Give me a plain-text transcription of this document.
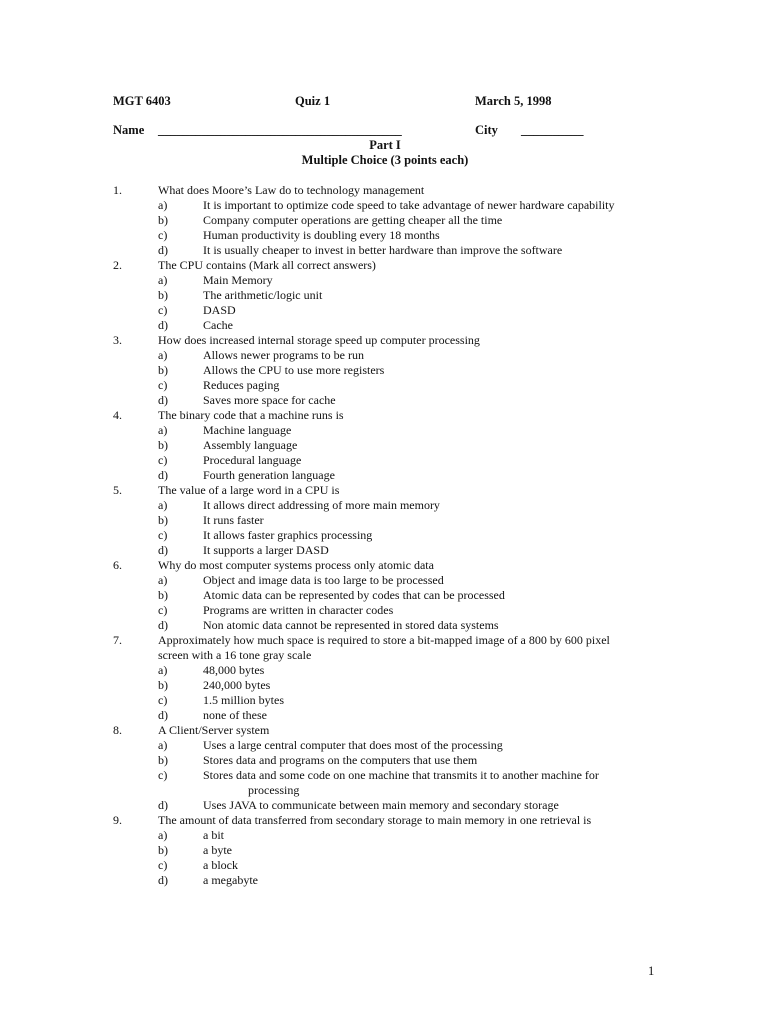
MGT 6403	Quiz 1	March 5, 1998
Name _______________________________________	City __________
Part I
Multiple Choice (3 points each)
1.	What does Moore’s Law do to technology management
a)	It is important to optimize code speed to take advantage of newer hardware capability
b)	Company computer operations are getting cheaper all the time
c)	Human productivity is doubling every 18 months
d)	It is usually cheaper to invest in better hardware than improve the software
2.	The CPU contains (Mark all correct answers)
a)	Main Memory
b)	The arithmetic/logic unit
c)	DASD
d)	Cache
3.	How does increased internal storage speed up computer processing
a)	Allows newer programs to be run
b)	Allows the CPU to use more registers
c)	Reduces paging
d)	Saves more space for cache
4.	The binary code that a machine runs is
a)	Machine language
b)	Assembly language
c)	Procedural language
d)	Fourth generation language
5.	The value of a large word in a CPU is
a)	It allows direct addressing of more main memory
b)	It runs faster
c)	It allows faster graphics processing
d)	It supports a larger DASD
6.	Why do most computer systems process only atomic data
a)	Object and image data is too large to be processed
b)	Atomic data can be represented by codes that can be processed
c)	Programs are written in character codes
d)	Non atomic data cannot be represented in stored data systems
7.	Approximately how much space is required to store a bit-mapped image of a 800 by 600 pixel
screen with a 16 tone gray scale
a)	48,000 bytes
b)	240,000 bytes
c)	1.5 million bytes
d)	none of these
8.	A Client/Server system
a)	Uses a large central computer that does most of the processing
b)	Stores data and programs on the computers that use them
c)	Stores data and some code on one machine that transmits it to another machine for
processing
d)	Uses JAVA to communicate between main memory and secondary storage
9.	The amount of data transferred from secondary storage to main memory in one retrieval is
a)	a bit
b)	a byte
c)	a block
d)	a megabyte
1
